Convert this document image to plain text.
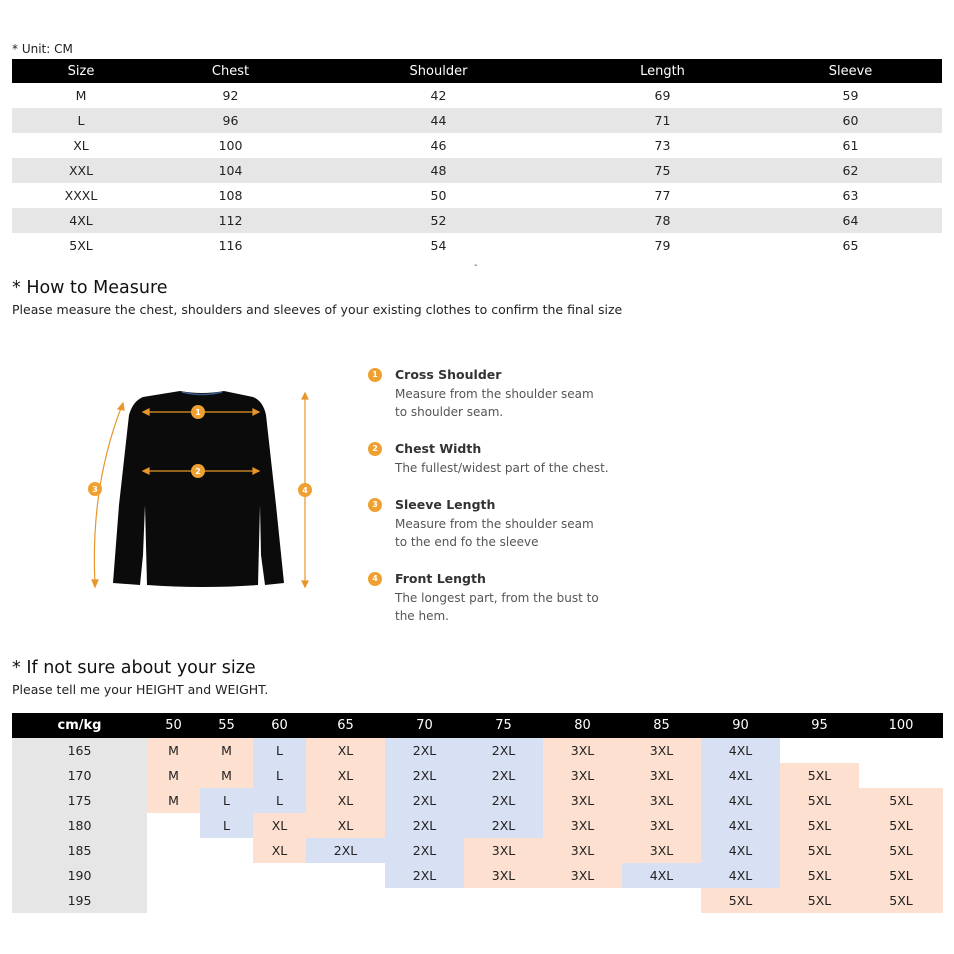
* Unit: CM
Size	Chest	Shoulder	Length	Sleeve
M	92	42	69	59
L	96	44	71	60
XL	100	46	73	61
XXL	104	48	75	62
XXXL	108	50	77	63
4XL	112	52	78	64
5XL	116	54	79	65
-
* How to Measure
Please measure the chest, shoulders and sleeves of your existing clothes to confirm the final size
1
2
3	4
1	Cross Shoulder
Measure from the shoulder seam
to shoulder seam.
2	Chest Width
The fullest/widest part of the chest.
3	Sleeve Length
Measure from the shoulder seam
to the end fo the sleeve
4	Front Length
The longest part, from the bust to
the hem.
* If not sure about your size
Please tell me your HEIGHT and WEIGHT.
cm/kg	50	55	60	65	70	75	80	85	90	95	100
165	M	M	L	XL	2XL	2XL	3XL	3XL	4XL		
170	M	M	L	XL	2XL	2XL	3XL	3XL	4XL	5XL	
175	M	L	L	XL	2XL	2XL	3XL	3XL	4XL	5XL	5XL
180		L	XL	XL	2XL	2XL	3XL	3XL	4XL	5XL	5XL
185			XL	2XL	2XL	3XL	3XL	3XL	4XL	5XL	5XL
190					2XL	3XL	3XL	4XL	4XL	5XL	5XL
195									5XL	5XL	5XL
